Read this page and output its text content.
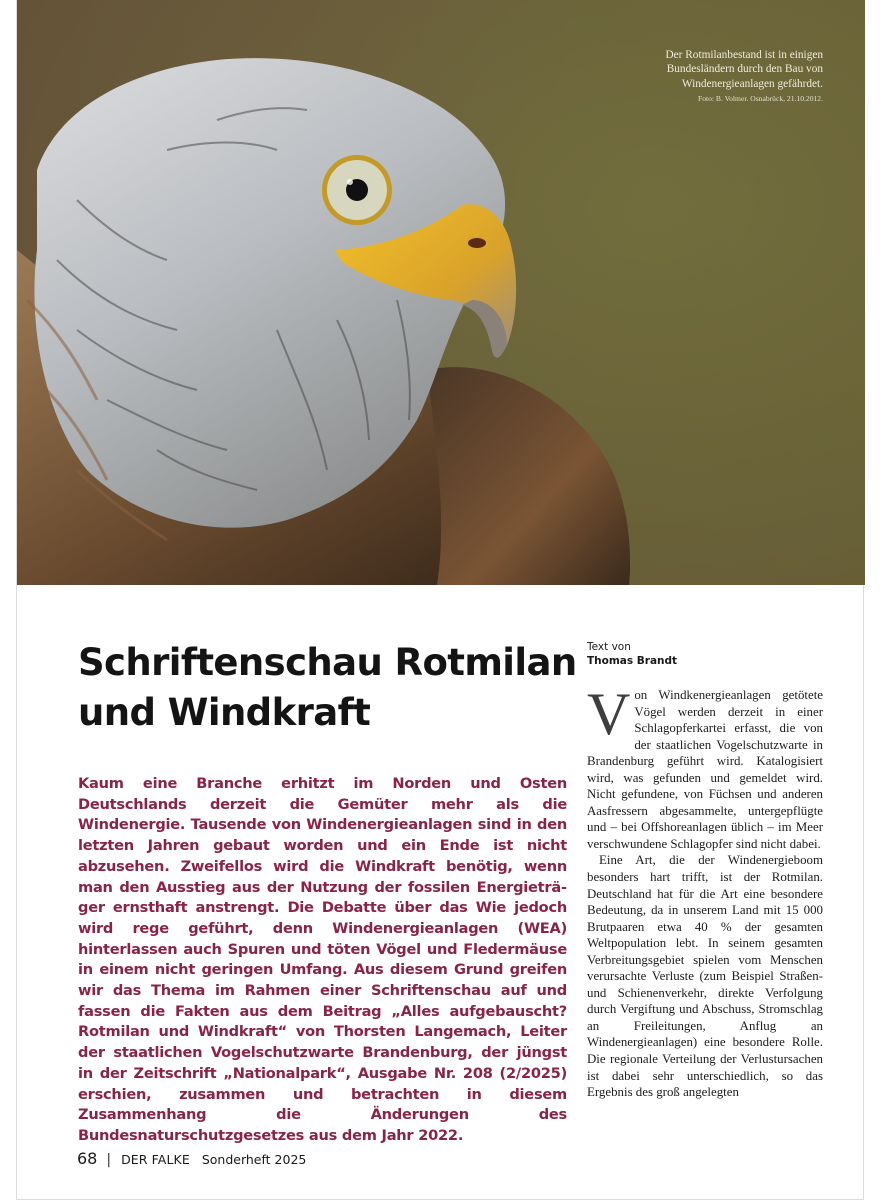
Der Rotmilanbestand ist in einigen Bundesländern durch den Bau von Windenergieanlagen gefährdet.
Foto: B. Volmer. Osnabrück, 21.10.2012.
Schriftenschau Rotmilan
und Windkraft

Kaum eine Branche erhitzt im Norden und Osten Deutschlands derzeit die Gemüter mehr als die Windenergie. Tausende von Windenergieanlagen sind in den letzten Jahren gebaut worden und ein Ende ist nicht abzusehen. Zweifellos wird die Windkraft benötig, wenn man den Ausstieg aus der Nutzung der fossilen Energieträger ernsthaft anstrengt. Die Debatte über das Wie jedoch wird rege geführt, denn Windenergieanlagen (WEA) hinterlassen auch Spuren und töten Vögel und Fledermäuse in einem nicht geringen Umfang. Aus diesem Grund greifen wir das Thema im Rahmen einer Schriftenschau auf und fassen die Fakten aus dem Beitrag „Alles aufgebauscht? Rotmilan und Windkraft“ von Thorsten Langemach, Leiter der staatlichen Vogelschutzwarte Brandenburg, der jüngst in der Zeitschrift „Nationalpark“, Ausgabe Nr. 208 (2/2025) erschien, zusammen und betrachten in diesem Zusammenhang die Änderungen des Bundesnaturschutzgesetzes aus dem Jahr 2022.

Text von
Thomas Brandt

Von Windkenergieanlagen getötete Vögel werden derzeit in einer Schlagopferkartei erfasst, die von der staatlichen Vogelschutzwarte in Brandenburg geführt wird. Katalogisiert wird, was gefunden und gemeldet wird. Nicht gefundene, von Füchsen und anderen Aasfressern abgesammelte, untergepflügte und – bei Offshoreanlagen üblich – im Meer verschwundene Schlagopfer sind nicht dabei.

Eine Art, die der Windenergieboom besonders hart trifft, ist der Rotmilan. Deutschland hat für die Art eine besondere Bedeutung, da in unserem Land mit 15 000 Brutpaaren etwa 40 % der gesamten Weltpopulation lebt. In seinem gesamten Verbreitungsgebiet spielen vom Menschen verursachte Verluste (zum Beispiel Straßen- und Schienenverkehr, direkte Verfolgung durch Vergiftung und Abschuss, Stromschlag an Freileitungen, Anflug an Windenergieanlagen) eine besondere Rolle. Die regionale Verteilung der Verlustursachen ist dabei sehr unterschiedlich, so das Ergebnis des groß angelegten

68 | DER FALKE Sonderheft 2025
